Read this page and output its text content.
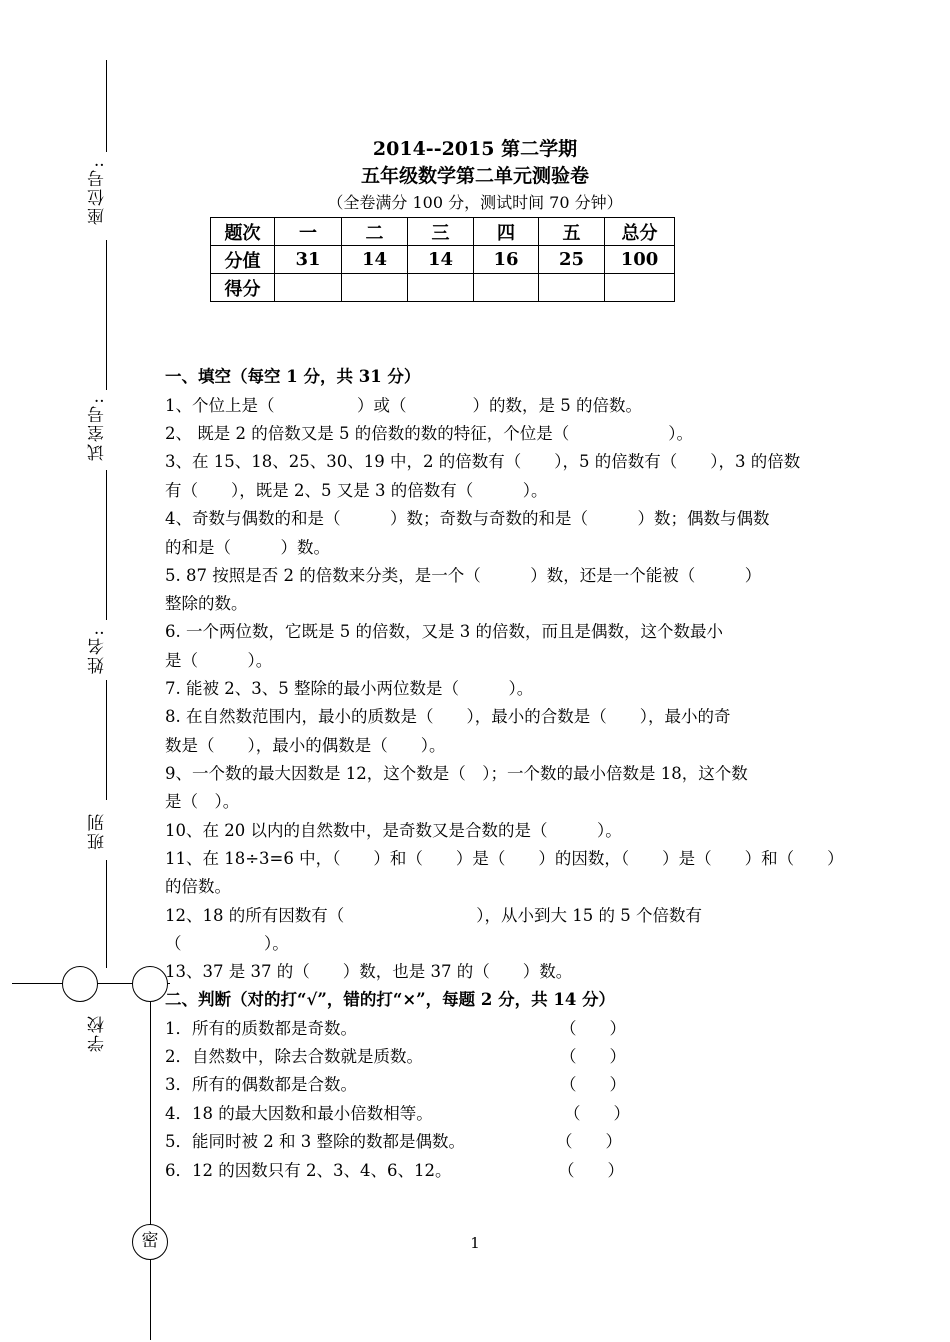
座位号:
试室号:
姓名:
班别
学校
密
2014--2015 第二学期
五年级数学第二单元测验卷
（全卷满分 100 分，测试时间 70 分钟）
题次	一	二	三	四	五	总分
分值	31	14	14	16	25	100
得分						
一、填空（每空 1 分，共 31 分）
1、个位上是（　　　　　）或（　　　　）的数，是 5 的倍数。
2、 既是 2 的倍数又是 5 的倍数的数的特征，个位是（　　　　　　）。
3、在 15、18、25、30、19 中，2 的倍数有（　　），5 的倍数有（　　），3 的倍数
有（　　），既是 2、5 又是 3 的倍数有（　　　）。
4、奇数与偶数的和是（　　　）数；奇数与奇数的和是（　　　）数；偶数与偶数
的和是（　　　）数。
5. 87 按照是否 2 的倍数来分类，是一个（　　　）数，还是一个能被（　　　）
整除的数。
6. 一个两位数，它既是 5 的倍数，又是 3 的倍数，而且是偶数，这个数最小
是（　　　）。
7. 能被 2、3、5 整除的最小两位数是（　　　）。
8. 在自然数范围内，最小的质数是（　　），最小的合数是（　　），最小的奇
数是（　　），最小的偶数是（　　）。
9、一个数的最大因数是 12，这个数是（　）；一个数的最小倍数是 18，这个数
是（　）。
10、在 20 以内的自然数中，是奇数又是合数的是（　　　）。
11、在 18÷3=6 中，（　　）和（　　）是（　　）的因数，（　　）是（　　）和（　　）
的倍数。
12、18 的所有因数有（　　　　　　　　），从小到大 15 的 5 个倍数有
（　　　　　）。
13、37 是 37 的（　　）数，也是 37 的（　　）数。
二、判断（对的打“√”，错的打“×”，每题 2 分，共 14 分）
1．所有的质数都是奇数。	（　　）
2．自然数中，除去合数就是质数。	（　　）
3．所有的偶数都是合数。	（　　）
4．18 的最大因数和最小倍数相等。	（　　）
5．能同时被 2 和 3 整除的数都是偶数。	（　　）
6．12 的因数只有 2、3、4、6、12。	（　　）
1
